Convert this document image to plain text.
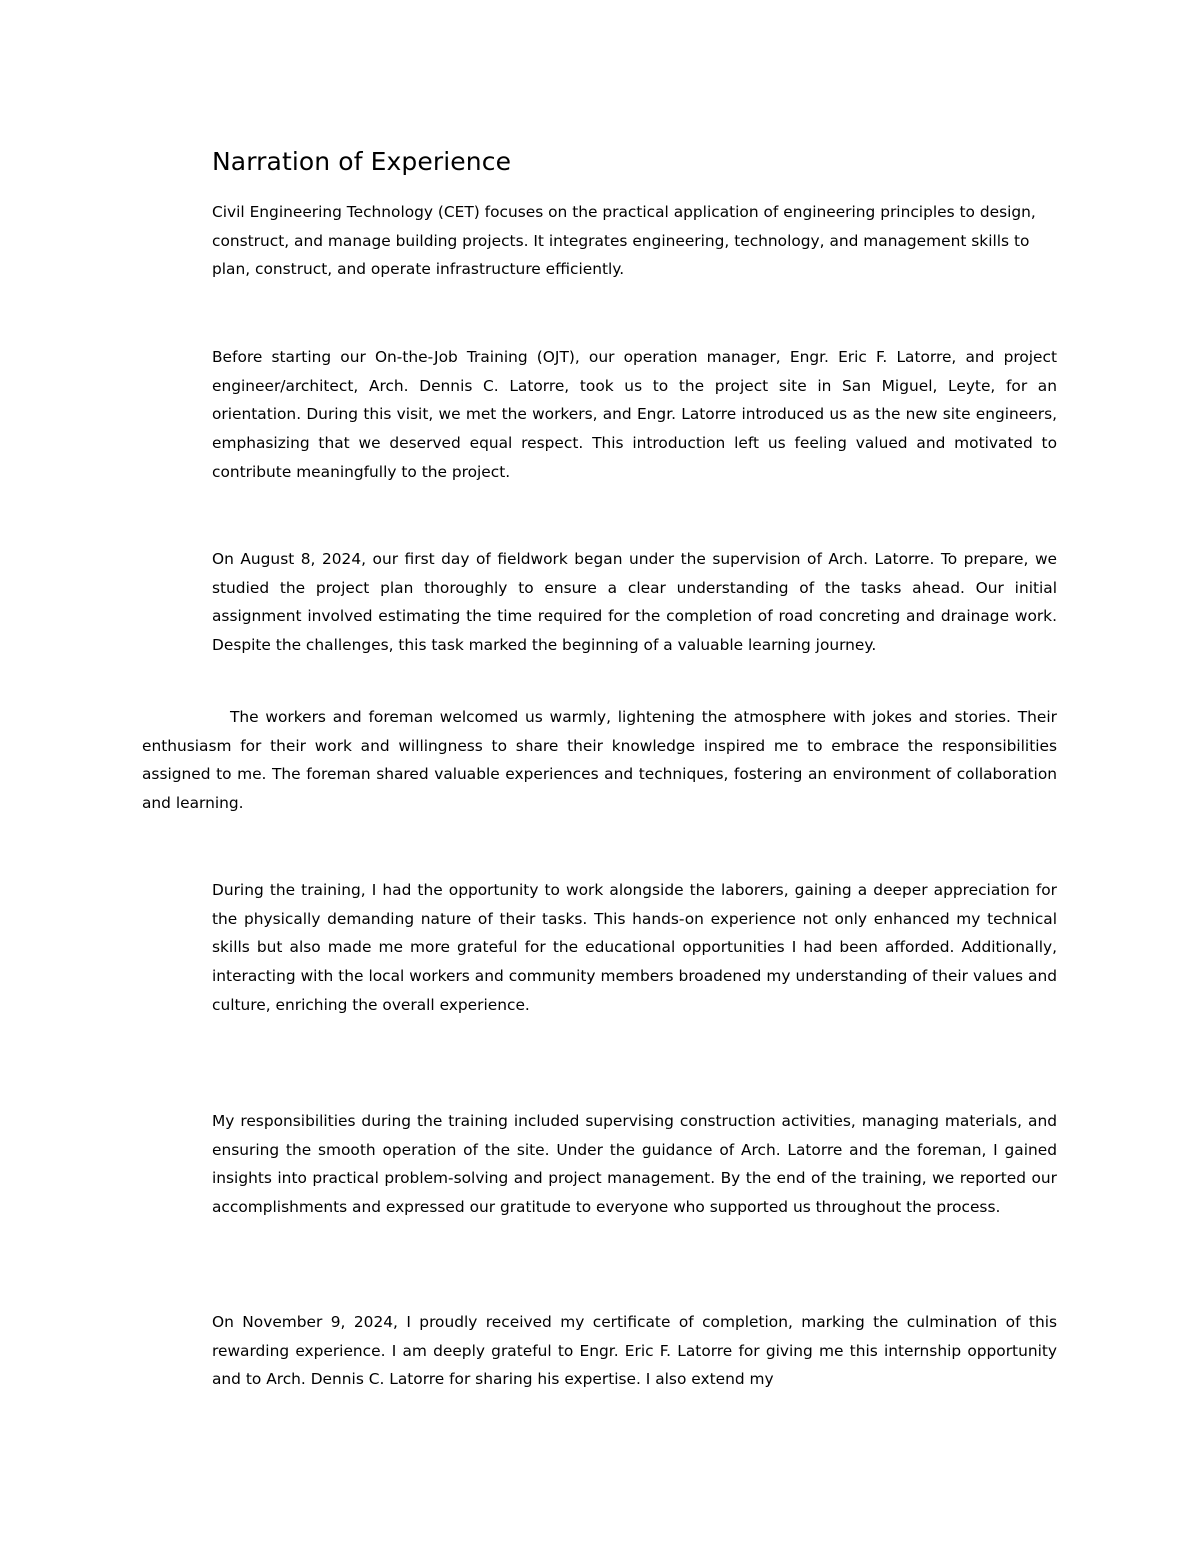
Narration of Experience

Civil Engineering Technology (CET) focuses on the practical application of engineering principles to design, construct, and manage building projects. It integrates engineering, technology, and management skills to plan, construct, and operate infrastructure efficiently.

Before starting our On-the-Job Training (OJT), our operation manager, Engr. Eric F. Latorre, and project engineer/architect, Arch. Dennis C. Latorre, took us to the project site in San Miguel, Leyte, for an orientation. During this visit, we met the workers, and Engr. Latorre introduced us as the new site engineers, emphasizing that we deserved equal respect. This introduction left us feeling valued and motivated to contribute meaningfully to the project.

On August 8, 2024, our first day of fieldwork began under the supervision of Arch. Latorre. To prepare, we studied the project plan thoroughly to ensure a clear understanding of the tasks ahead. Our initial assignment involved estimating the time required for the completion of road concreting and drainage work. Despite the challenges, this task marked the beginning of a valuable learning journey.

The workers and foreman welcomed us warmly, lightening the atmosphere with jokes and stories. Their enthusiasm for their work and willingness to share their knowledge inspired me to embrace the responsibilities assigned to me. The foreman shared valuable experiences and techniques, fostering an environment of collaboration and learning.

During the training, I had the opportunity to work alongside the laborers, gaining a deeper appreciation for the physically demanding nature of their tasks. This hands-on experience not only enhanced my technical skills but also made me more grateful for the educational opportunities I had been afforded. Additionally, interacting with the local workers and community members broadened my understanding of their values and culture, enriching the overall experience.

My responsibilities during the training included supervising construction activities, managing materials, and ensuring the smooth operation of the site. Under the guidance of Arch. Latorre and the foreman, I gained insights into practical problem-solving and project management. By the end of the training, we reported our accomplishments and expressed our gratitude to everyone who supported us throughout the process.

On November 9, 2024, I proudly received my certificate of completion, marking the culmination of this rewarding experience. I am deeply grateful to Engr. Eric F. Latorre for giving me this internship opportunity and to Arch. Dennis C. Latorre for sharing his expertise. I also extend my
